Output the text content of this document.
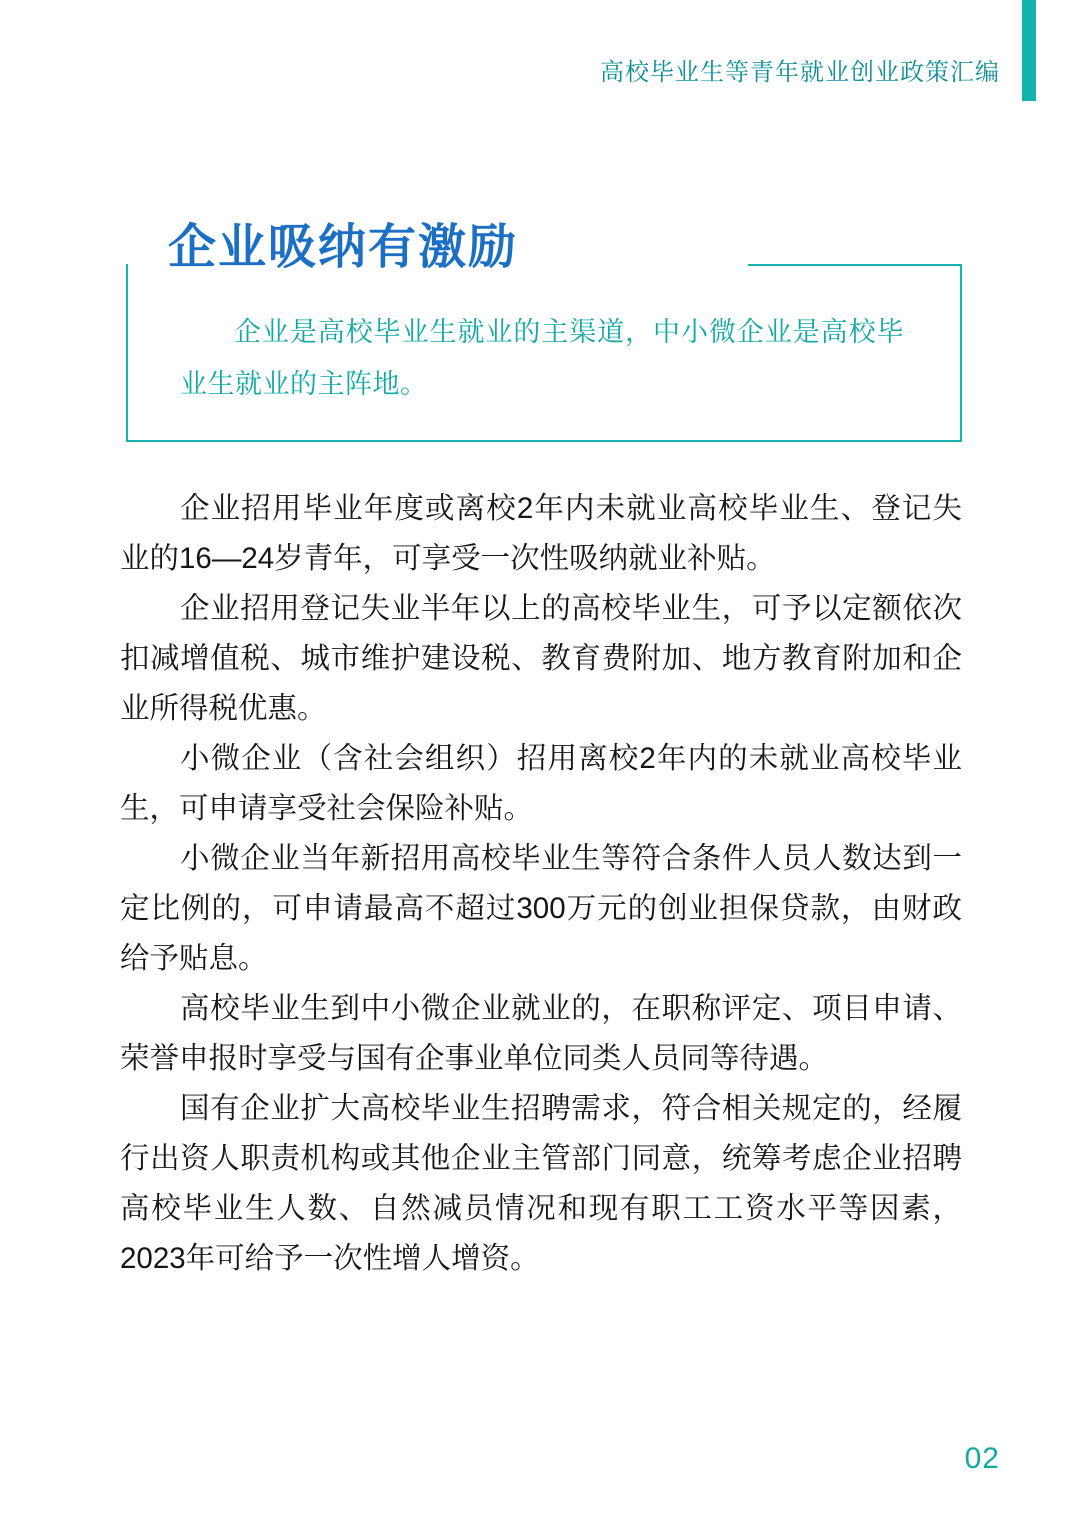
高校毕业生等青年就业创业政策汇编
企业吸纳有激励
企业是高校毕业生就业的主渠道，中小微企业是高校毕业生就业的主阵地。

企业招用毕业年度或离校2年内未就业高校毕业生、登记失业的16—24岁青年，可享受一次性吸纳就业补贴。

企业招用登记失业半年以上的高校毕业生，可予以定额依次扣减增值税、城市维护建设税、教育费附加、地方教育附加和企业所得税优惠。

小微企业（含社会组织）招用离校2年内的未就业高校毕业生，可申请享受社会保险补贴。

小微企业当年新招用高校毕业生等符合条件人员人数达到一定比例的，可申请最高不超过300万元的创业担保贷款，由财政给予贴息。

高校毕业生到中小微企业就业的，在职称评定、项目申请、荣誉申报时享受与国有企事业单位同类人员同等待遇。

国有企业扩大高校毕业生招聘需求，符合相关规定的，经履行出资人职责机构或其他企业主管部门同意，统筹考虑企业招聘高校毕业生人数、自然减员情况和现有职工工资水平等因素，2023年可给予一次性增人增资。

02
